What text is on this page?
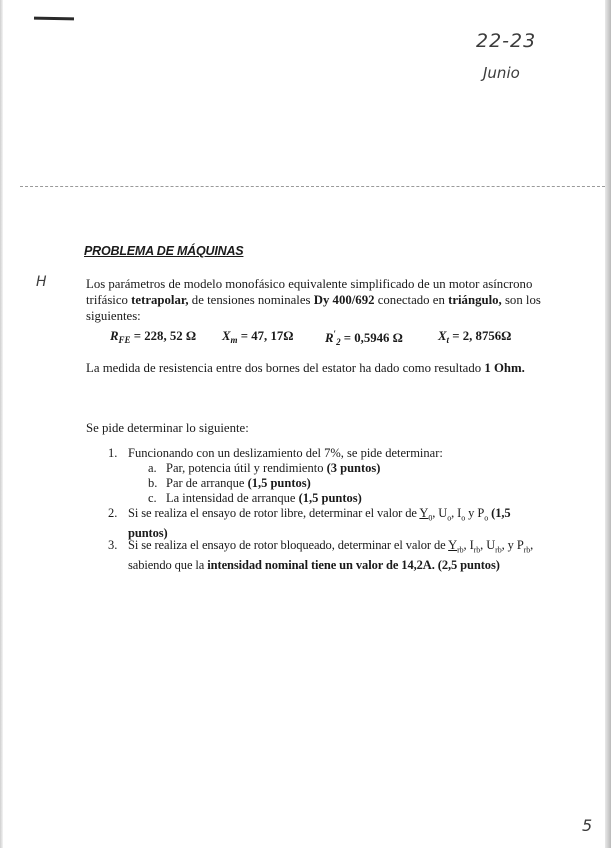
22-23
Junio
H
5
PROBLEMA DE MÁQUINAS

Los parámetros de modelo monofásico equivalente simplificado de un motor asíncrono trifásico tetrapolar, de tensiones nominales Dy 400/692 conectado en triángulo, son los siguientes:

$R_{FE} = 228$, 52 Ω $X_m = 47$, 17Ω $R'_2 = 0,5946$ Ω	$X_t = 2$, 8756Ω

La medida de resistencia entre dos bornes del estator ha dado como resultado 1 Ohm.

Se pide determinar lo siguiente:

1. Funcionando con un deslizamiento del 7%, se pide determinar:
a. Par, potencia útil y rendimiento (3 puntos)
b. Par de arranque (1,5 puntos)
c. La intensidad de arranque (1,5 puntos)
2. Si se realiza el ensayo de rotor libre, determinar el valor de $Y_0$, $U_o$, $I_o$ y $P_o$ (1,5 puntos)
3. Si se realiza el ensayo de rotor bloqueado, determinar el valor de $Y_{rb}$, $I_{rb}$, $U_{rb}$, y $P_{rb}$, sabiendo que la intensidad nominal tiene un valor de 14,2A. (2,5 puntos)
